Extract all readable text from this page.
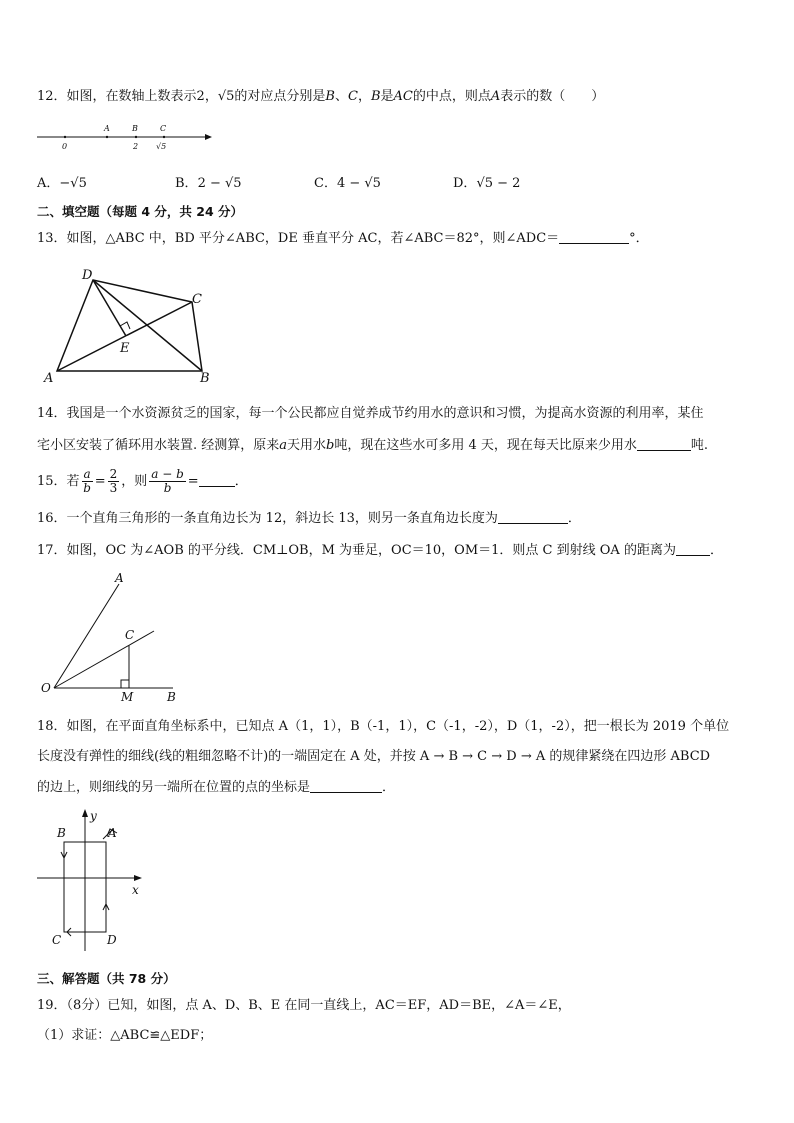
12．如图，在数轴上数表示2，√5的对应点分别是B、C，B是AC的中点，则点A表示的数（　　）
A	B	C
0	2 √5
A．−√5	B．2 − √5	C．4 − √5	D．√5 − 2
二、填空题（每题 4 分，共 24 分）
13．如图，△ABC 中，BD 平分∠ABC，DE 垂直平分 AC，若∠ABC＝82°，则∠ADC＝	°．
D
C
E
A	B
14．我国是一个水资源贫乏的国家，每一个公民都应自觉养成节约用水的意识和习惯，为提高水资源的利用率，某住
宅小区安装了循环用水装置. 经测算，原来a天用水b吨，现在这些水可多用 4 天，现在每天比原来少用水	吨.
15．若 $\frac{a}{b} = \frac{2}{3}$ ，则 $\frac{a - b}{b}$ =	．
16．一个直角三角形的一条直角边长为 12，斜边长 13，则另一条直角边长度为	．
17．如图，OC 为∠AOB 的平分线．CM⊥OB，M 为垂足，OC＝10，OM＝1．则点 C 到射线 OA 的距离为	．
A
C
O
M	B
18．如图，在平面直角坐标系中，已知点 A（1，1），B（-1，1），C（-1，-2），D（1，-2），把一根长为 2019 个单位
长度没有弹性的细线(线的粗细忽略不计)的一端固定在 A 处，并按 A → B → C → D → A 的规律紧绕在四边形 ABCD
的边上，则细线的另一端所在位置的点的坐标是	．
y
x
B	A
C	D
三、解答题（共 78 分）
19．（8分）已知，如图，点 A、D、B、E 在同一直线上，AC＝EF，AD＝BE，∠A＝∠E，
（1）求证：△ABC≌△EDF；
